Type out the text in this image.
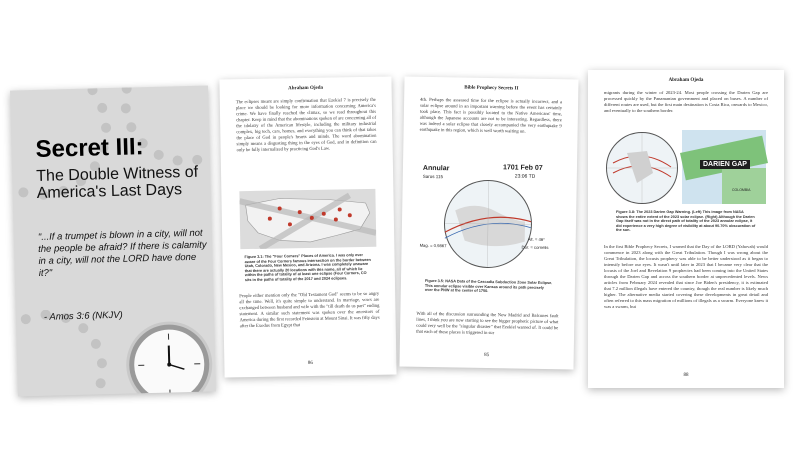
Secret III:
The Double Witness of America's Last Days
"...If a trumpet is blown in a city, will not the people be afraid? If there is calamity in a city, will not the LORD have done it?"
- Amos 3:6 (NKJV)
Abraham Ojeda
The eclipses meant are simply confirmation that Ezekiel 7 is precisely the place we should be looking for more information concerning America's crime. We have finally reached the climax, so we read throughout this chapter. Keep in mind that the abominations spoken of are concerning all of the idolatry of the American lifestyle, including the military industrial complex, big tech, cars, homes, and everything you can think of that takes the place of God in people's hearts and minds. The word abomination simply means a disgusting thing in the eyes of God, and in definition can only be fully internalized by practicing God's Law.
Figure 3.1: The "Four Corners" Places of America. I was only ever aware of the Four Corners famous intersection on the border between Utah, Colorado, New Mexico, and Arizona. I was completely unaware that there are actually 20 locations with this name, all of which lie within the paths of totality of at least one eclipse (Four Corners, CO sits in the paths of totality of the 2017 and 2024 eclipses.
People either mention only the "Old Testament God" seems to be so angry all the time. Well, it's quite simple to understand. In marriage, vows are exchanged between husband and wife with the "till death do us part" ending statement. A similar such statement was spoken over the ancestors of America during the first recorded Feinstein at Mount Sinai. It was fifty days after the Exodus from Egypt that
86
Bible Prophecy Secrets II
4th. Perhaps the assessed time for the eclipse is actually incorrect, and a solar eclipse around in an important warning before the event has certainly took place. This fact is possibly located to the Native Americans' time, although the Japanese accounts are not to be interesting. Regardless, there was indeed a solar eclipse that closely accompanied the very earthquake 9 earthquake in this region, which is well worth waiting on.
Annular
Saros 115
1701 Feb 07
23:06 TD
Alt. = 46°
Dur. = cornelis
Mag. = 0.9867
Figure 3.5: NASA Data of the Cascadia Subduction Zone Solar Eclipse. This annular eclipse visible over Kansas around its path precisely over the PNW at the center of 1700.
With all of the discussion surrounding the New Madrid and Balcones fault lines, I think you are now starting to see the bigger prophetic picture of what could very well be the "singular disaster" that Ezekiel warned of. It could be that each of these places is triggered in sur
85
Abraham Ojeda
migrants during the winter of 2023-24. Most people crossing the Darien Gap are processed quickly by the Panamanian government and placed on buses. A number of different routes are used, but the first main destination is Costa Rica, onwards to Mexico, and eventually to the southern border.
DARIEN GAP
COLOMBIA
Figure 3.8: The 2023 Darien Gap Warning. (Left) This image from NASA shows the entire extent of the 2023 solar eclipse. (Right) Although the Darien Gap itself was not in the direct path of totality of the 2023 annular eclipse, it did experience a very high degree of visibility at about 90.70% obscuration of the sun.
In the first Bible Prophecy Secrets, I warned that the Day of the LORD (Yahovah) would commence in 2023 along with the Great Tribulation. Though I was wrong about the Great Tribulation, the locusts prophecy was able to be better understood as it began to intensify before our eyes. It wasn't until later in 2023 that I became very clear that the locusts of the Joel and Revelation 9 prophecies had been coming into the United States through the Darien Gap and across the southern border at unprecedented levels. News articles from February 2024 revealed that since Joe Biden's presidency, it is estimated that 7.2 million illegals have entered the country, though the real number is likely much higher. The alternative media started covering these developments in great detail and often referred to this mass migration of millions of illegals as a swarm. Everyone knew it was a swarm, but
88
